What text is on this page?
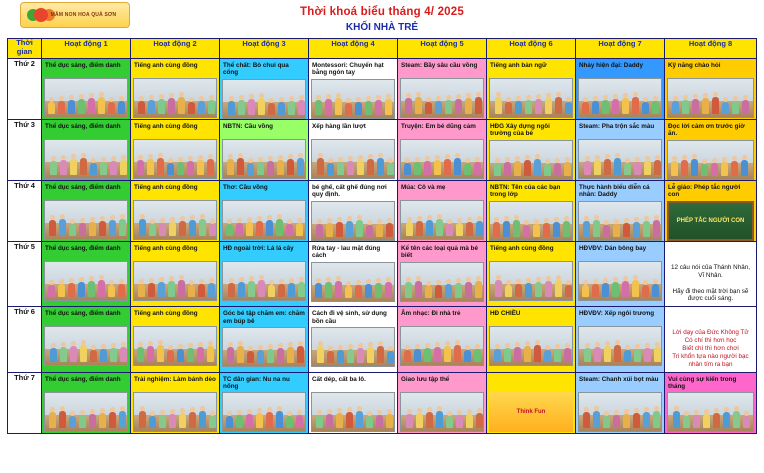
MẦM NON HOA QUẢ SƠN	Thời khoá biểu tháng 4/ 2025
KHỐI NHÀ TRẺ
Thời gian	Hoạt động 1	Hoạt động 2	Hoạt động 3	Hoạt động 4	Hoạt động 5	Hoạt động 6	Hoạt động 7	Hoạt động 8
Thứ 2	Thể dục sáng, điểm danh	Tiếng anh cùng đồng	Thể chất: Bò chui qua cổng	Montessori: Chuyển hạt bằng ngón tay	Steam: Bầy sâu cầu vồng	Tiếng anh bản ngữ	Nhảy hiện đại: Daddy	Kỹ năng chào hỏi

Thứ 3	Thể dục sáng, điểm danh	Tiếng anh cùng đồng	NBTN: Cầu vồng	Xếp hàng lần lượt	Truyện: Em bé dũng cảm	HĐG Xây dựng ngôi trường của bé	Steam: Pha trộn sắc màu	Đọc lời cảm ơn trước giờ ăn.

Thứ 4	Thể dục sáng, điểm danh	Tiếng anh cùng đồng	Thơ: Cầu vồng	bé ghế, cất ghế đúng nơi quy định.	Múa: Cô và mẹ	NBTN: Tên của các bạn trong lớp	Thực hành biểu diễn cá nhân: Daddy	Lễ giáo: Phép tắc người con
PHÉP TẮC NGƯỜI CON

Thứ 5	Thể dục sáng, điểm danh	Tiếng anh cùng đồng	HĐ ngoài trời: Lá lá cây	Rửa tay - lau mặt đúng cách	Kể tên các loại quả mà bé biết	Tiếng anh cùng đồng	HĐVĐV: Dán bông bay	12 câu nói của Thánh Nhân, Vĩ Nhân.

Hãy đi theo mặt trời bạn sẽ được cuối sáng.

Thứ 6	Thể dục sáng, điểm danh	Tiếng anh cùng đồng	Góc bé tập chăm em: chăm em búp bê	Cách đi vệ sinh, sử dụng bồn cầu	Âm nhạc: Đi nhà trẻ	HĐ CHIỀU	HĐVĐV: Xếp ngôi trương	Lời dạy của Đức Không Tử
Có chí thì hơn học
Biết chí thì hơn chơi
Tri khổn tựa nào người bạc nhân tím ra bạn

Thứ 7	Thể dục sáng, điểm danh	Trải nghiệm: Làm bánh dẻo	TC dân gian: Nu na nu nống	Cất dép, cất ba lô.	Giao lưu tập thể	Think Fun	Steam: Chanh xúi bọt màu	Vui cùng sự kiến trong tháng
